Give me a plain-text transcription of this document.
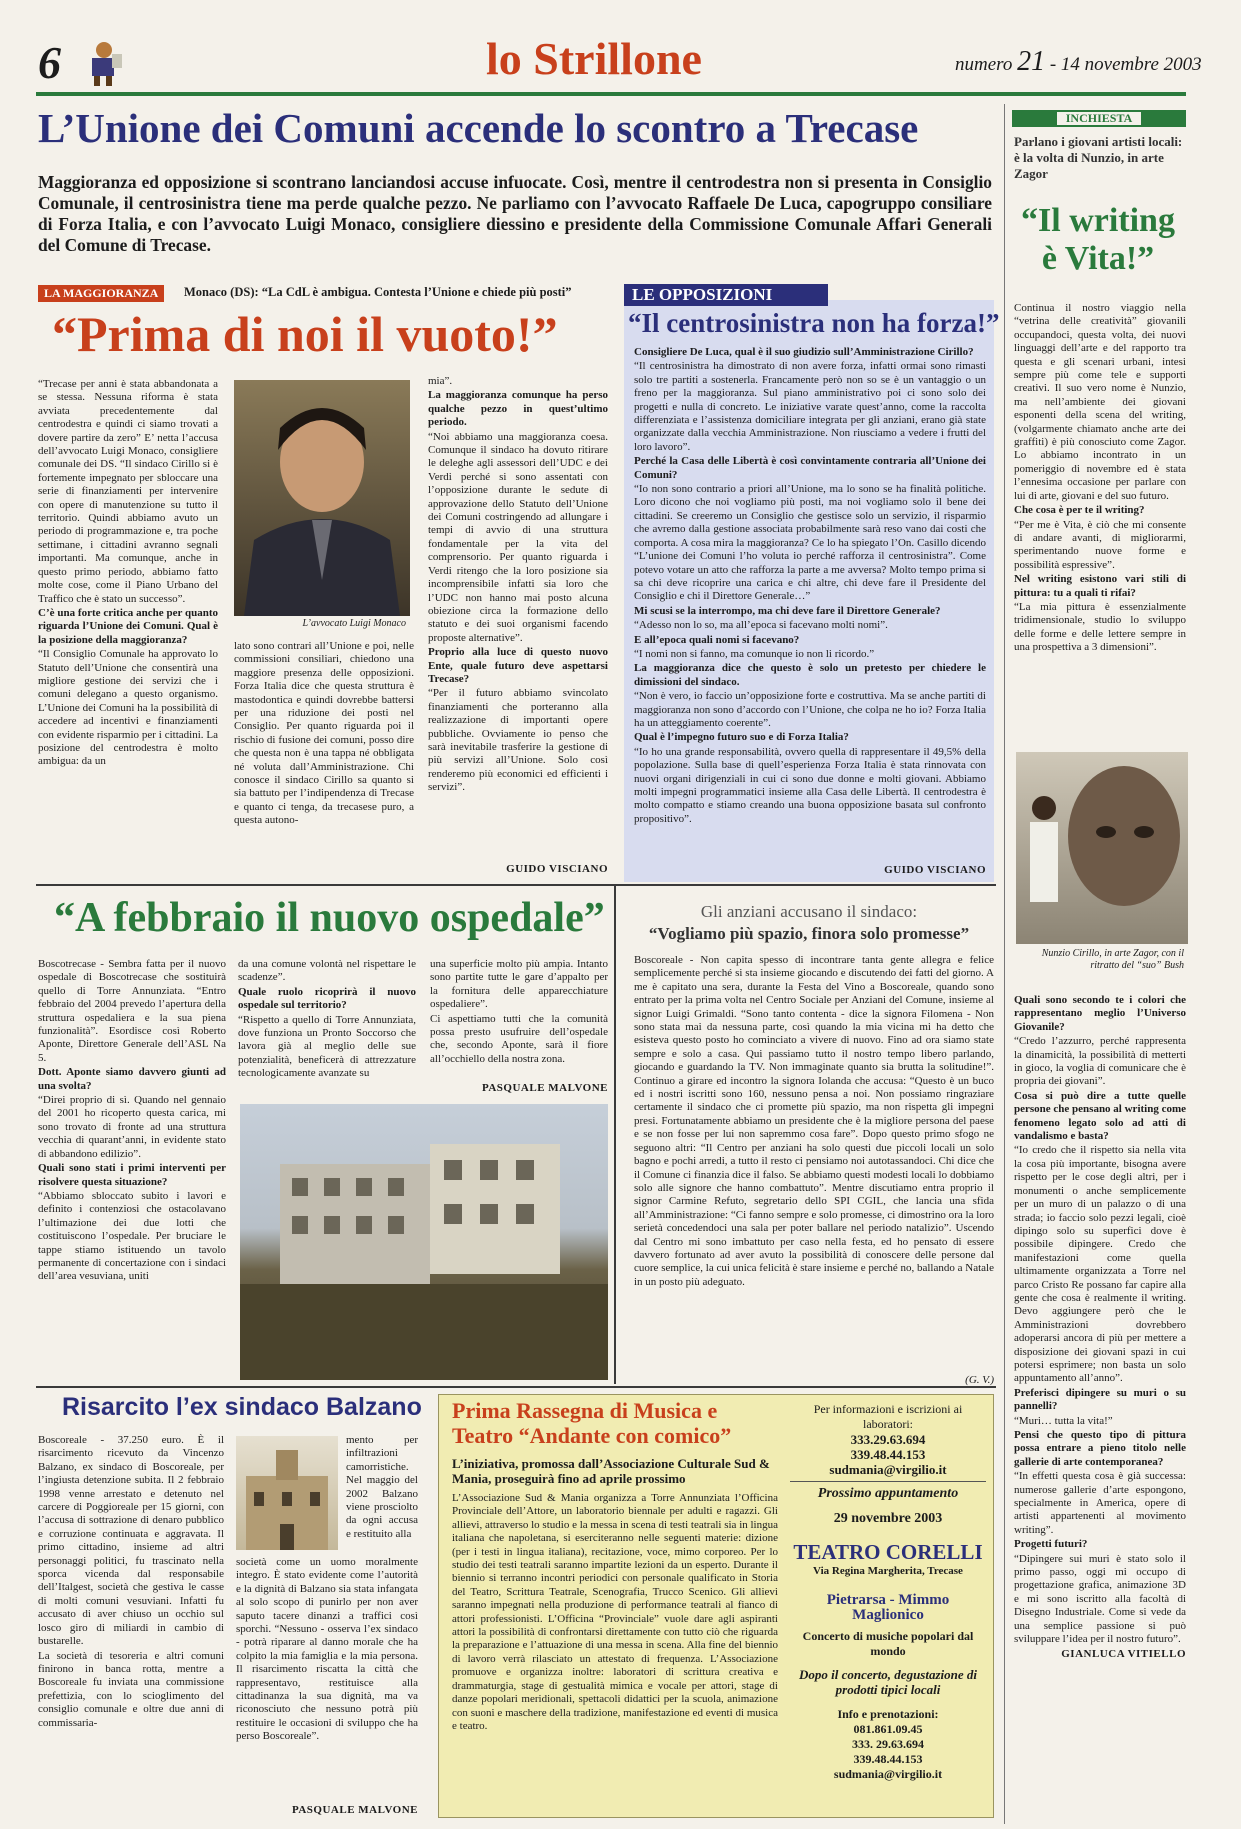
6	lo Strillone	numero 21 - 14 novembre 2003
L’Unione dei Comuni accende lo scontro a Trecase
Maggioranza ed opposizione si scontrano lanciandosi accuse infuocate. Così, mentre il centrodestra non si presenta in Consiglio Comunale, il centrosinistra tiene ma perde qualche pezzo. Ne parliamo con l’avvocato Raffaele De Luca, capogruppo consiliare di Forza Italia, e con l’avvocato Luigi Monaco, consigliere diessino e presidente della Commissione Comunale Affari Generali del Comune di Trecase.
LA MAGGIORANZA	Monaco (DS): “La CdL è ambigua. Contesta l’Unione e chiede più posti”
“Prima di noi il vuoto!”

“Trecase per anni è stata abbandonata a se stessa. Nessuna riforma è stata avviata precedentemente dal centrodestra e quindi ci siamo trovati a dovere partire da zero” E’ netta l’accusa dell’avvocato Luigi Monaco, consigliere comunale dei DS. “Il sindaco Cirillo si è fortemente impegnato per sbloccare una serie di finanziamenti per intervenire con opere di manutenzione su tutto il territorio. Quindi abbiamo avuto un periodo di programmazione e, tra poche settimane, i cittadini avranno segnali importanti. Ma comunque, anche in questo primo periodo, abbiamo fatto molte cose, come il Piano Urbano del Traffico che è stato un successo”.

C’è una forte critica anche per quanto riguarda l’Unione dei Comuni. Qual è la posizione della maggioranza?

“Il Consiglio Comunale ha approvato lo Statuto dell’Unione che consentirà una migliore gestione dei servizi che i comuni delegano a questo organismo. L’Unione dei Comuni ha la possibilità di accedere ad incentivi e finanziamenti con evidente risparmio per i cittadini. La posizione del centrodestra è molto ambigua: da un

L’avvocato Luigi Monaco

lato sono contrari all’Unione e poi, nelle commissioni consiliari, chiedono una maggiore presenza delle opposizioni. Forza Italia dice che questa struttura è mastodontica e quindi dovrebbe battersi per una riduzione dei posti nel Consiglio. Per quanto riguarda poi il rischio di fusione dei comuni, posso dire che questa non è una tappa né obbligata né voluta dall’Amministrazione. Chi conosce il sindaco Cirillo sa quanto si sia battuto per l’indipendenza di Trecase e quanto ci tenga, da trecasese puro, a questa autono-

mia”.

La maggioranza comunque ha perso qualche pezzo in quest’ultimo periodo.

“Noi abbiamo una maggioranza coesa. Comunque il sindaco ha dovuto ritirare le deleghe agli assessori dell’UDC e dei Verdi perché si sono assentati con l’opposizione durante le sedute di approvazione dello Statuto dell’Unione dei Comuni costringendo ad allungare i tempi di avvio di una struttura fondamentale per la vita del comprensorio. Per quanto riguarda i Verdi ritengo che la loro posizione sia incomprensibile infatti sia loro che l’UDC non hanno mai posto alcuna obiezione circa la formazione dello statuto e dei suoi organismi facendo proposte alternative”.

Proprio alla luce di questo nuovo Ente, quale futuro deve aspettarsi Trecase?

“Per il futuro abbiamo svincolato finanziamenti che porteranno alla realizzazione di importanti opere pubbliche. Ovviamente io penso che sarà inevitabile trasferire la gestione di più servizi all’Unione. Solo così renderemo più economici ed efficienti i servizi”.

GUIDO VISCIANO
LE OPPOSIZIONI
“Il centrosinistra non ha forza!”

Consigliere De Luca, qual è il suo giudizio sull’Amministrazione Cirillo?

“Il centrosinistra ha dimostrato di non avere forza, infatti ormai sono rimasti solo tre partiti a sostenerla. Francamente però non so se è un vantaggio o un freno per la maggioranza. Sul piano amministrativo poi ci sono solo dei progetti e nulla di concreto. Le iniziative varate quest’anno, come la raccolta differenziata e l’assistenza domiciliare integrata per gli anziani, erano già state organizzate dalla vecchia Amministrazione. Non riusciamo a vedere i frutti del loro lavoro”.

Perché la Casa delle Libertà è così convintamente contraria all’Unione dei Comuni?

“Io non sono contrario a priori all’Unione, ma lo sono se ha finalità politiche. Loro dicono che noi vogliamo più posti, ma noi vogliamo solo il bene dei cittadini. Se creeremo un Consiglio che gestisce solo un servizio, il risparmio che avremo dalla gestione associata probabilmente sarà reso vano dai costi che comporta. A cosa mira la maggioranza? Ce lo ha spiegato l’On. Casillo dicendo “L’unione dei Comuni l’ho voluta io perché rafforza il centrosinistra”. Come potevo votare un atto che rafforza la parte a me avversa? Molto tempo prima si sa chi deve ricoprire una carica e chi altre, chi deve fare il Presidente del Consiglio e chi il Direttore Generale…”

Mi scusi se la interrompo, ma chi deve fare il Direttore Generale?

“Adesso non lo so, ma all’epoca si facevano molti nomi”.

E all’epoca quali nomi si facevano?

“I nomi non si fanno, ma comunque io non li ricordo.”

La maggioranza dice che questo è solo un pretesto per chiedere le dimissioni del sindaco.

“Non è vero, io faccio un’opposizione forte e costruttiva. Ma se anche partiti di maggioranza non sono d’accordo con l’Unione, che colpa ne ho io? Forza Italia ha un atteggiamento coerente”.

Qual è l’impegno futuro suo e di Forza Italia?

“Io ho una grande responsabilità, ovvero quella di rappresentare il 49,5% della popolazione. Sulla base di quell’esperienza Forza Italia è stata rinnovata con nuovi organi dirigenziali in cui ci sono due donne e molti giovani. Abbiamo molti impegni programmatici insieme alla Casa delle Libertà. Il centrodestra è molto compatto e stiamo creando una buona opposizione basata sul confronto propositivo”.

GUIDO VISCIANO
“A febbraio il nuovo ospedale”

Boscotrecase - Sembra fatta per il nuovo ospedale di Boscotrecase che sostituirà quello di Torre Annunziata. “Entro febbraio del 2004 prevedo l’apertura della struttura ospedaliera e la sua piena funzionalità”. Esordisce così Roberto Aponte, Direttore Generale dell’ASL Na 5.

Dott. Aponte siamo davvero giunti ad una svolta?

“Direi proprio di sì. Quando nel gennaio del 2001 ho ricoperto questa carica, mi sono trovato di fronte ad una struttura vecchia di quarant’anni, in evidente stato di abbandono edilizio”.

Quali sono stati i primi interventi per risolvere questa situazione?

“Abbiamo sbloccato subito i lavori e definito i contenziosi che ostacolavano l’ultimazione dei due lotti che costituiscono l’ospedale. Per bruciare le tappe stiamo istituendo un tavolo permanente di concertazione con i sindaci dell’area vesuviana, uniti

da una comune volontà nel rispettare le scadenze”.

Quale ruolo ricoprirà il nuovo ospedale sul territorio?

“Rispetto a quello di Torre Annunziata, dove funziona un Pronto Soccorso che lavora già al meglio delle sue potenzialità, beneficerà di attrezzature tecnologicamente avanzate su

una superficie molto più ampia. Intanto sono partite tutte le gare d’appalto per la fornitura delle apparecchiature ospedaliere”.

Ci aspettiamo tutti che la comunità possa presto usufruire dell’ospedale che, secondo Aponte, sarà il fiore all’occhiello della nostra zona.

PASQUALE MALVONE
Gli anziani accusano il sindaco:
“Vogliamo più spazio, finora solo promesse”

Boscoreale - Non capita spesso di incontrare tanta gente allegra e felice semplicemente perché si sta insieme giocando e discutendo dei fatti del giorno. A me è capitato una sera, durante la Festa del Vino a Boscoreale, quando sono entrato per la prima volta nel Centro Sociale per Anziani del Comune, insieme al signor Luigi Grimaldi. “Sono tanto contenta - dice la signora Filomena - Non sono stata mai da nessuna parte, così quando la mia vicina mi ha detto che esisteva questo posto ho cominciato a vivere di nuovo. Fino ad ora siamo state sempre e solo a casa. Qui passiamo tutto il nostro tempo libero parlando, giocando e guardando la TV. Non immaginate quanto sia brutta la solitudine!”. Continuo a girare ed incontro la signora Iolanda che accusa: “Questo è un buco ed i nostri iscritti sono 160, nessuno pensa a noi. Non possiamo ringraziare certamente il sindaco che ci promette più spazio, ma non rispetta gli impegni presi. Fortunatamente abbiamo un presidente che è la migliore persona del paese e se non fosse per lui non sapremmo cosa fare”. Dopo questo primo sfogo ne seguono altri: “Il Centro per anziani ha solo questi due piccoli locali un solo bagno e pochi arredi, a tutto il resto ci pensiamo noi autotassandoci. Chi dice che il Comune ci finanzia dice il falso. Se abbiamo questi modesti locali lo dobbiamo solo alle signore che hanno combattuto”. Mentre discutiamo entra proprio il signor Carmine Refuto, segretario dello SPI CGIL, che lancia una sfida all’Amministrazione: “Ci fanno sempre e solo promesse, ci dimostrino ora la loro serietà concedendoci una sala per poter ballare nel periodo natalizio”. Uscendo dal Centro mi sono imbattuto per caso nella festa, ed ho pensato di essere davvero fortunato ad aver avuto la possibilità di conoscere delle persone dal cuore semplice, la cui unica felicità è stare insieme e perché no, ballando a Natale in un posto più adeguato.

(G. V.)
Risarcito l’ex sindaco Balzano

Boscoreale - 37.250 euro. È il risarcimento ricevuto da Vincenzo Balzano, ex sindaco di Boscoreale, per l’ingiusta detenzione subita. Il 2 febbraio 1998 venne arrestato e detenuto nel carcere di Poggioreale per 15 giorni, con l’accusa di sottrazione di denaro pubblico e corruzione continuata e aggravata. Il primo cittadino, insieme ad altri personaggi politici, fu trascinato nella sporca vicenda dal responsabile dell’Italgest, società che gestiva le casse di molti comuni vesuviani. Infatti fu accusato di aver chiuso un occhio sul losco giro di miliardi in cambio di bustarelle.

La società di tesoreria e altri comuni finirono in banca rotta, mentre a Boscoreale fu inviata una commissione prefettizia, con lo scioglimento del consiglio comunale e oltre due anni di commissaria-

mento per infiltrazioni camorristiche. Nel maggio del 2002 Balzano viene prosciolto da ogni accusa e restituito alla

società come un uomo moralmente integro. È stato evidente come l’autorità e la dignità di Balzano sia stata infangata al solo scopo di punirlo per non aver saputo tacere dinanzi a traffici così sporchi. “Nessuno - osserva l’ex sindaco - potrà riparare al danno morale che ha colpito la mia famiglia e la mia persona. Il risarcimento riscatta la città che rappresentavo, restituisce alla cittadinanza la sua dignità, ma va riconosciuto che nessuno potrà più restituire le occasioni di sviluppo che ha perso Boscoreale”.

PASQUALE MALVONE
Prima Rassegna di Musica e Teatro “Andante con comico”
L’iniziativa, promossa dall’Associazione Culturale Sud & Mania, proseguirà fino ad aprile prossimo

L’Associazione Sud & Mania organizza a Torre Annunziata l’Officina Provinciale dell’Attore, un laboratorio biennale per adulti e ragazzi. Gli allievi, attraverso lo studio e la messa in scena di testi teatrali sia in lingua italiana che napoletana, si eserciteranno nelle seguenti materie: dizione (per i testi in lingua italiana), recitazione, voce, mimo corporeo. Per lo studio dei testi teatrali saranno impartite lezioni da un esperto. Durante il biennio si terranno incontri periodici con personale qualificato in Storia del Teatro, Scrittura Teatrale, Scenografia, Trucco Scenico. Gli allievi saranno impegnati nella produzione di performance teatrali al fianco di attori professionisti. L’Officina “Provinciale” vuole dare agli aspiranti attori la possibilità di confrontarsi direttamente con tutto ciò che riguarda la preparazione e l’attuazione di una messa in scena. Alla fine del biennio di lavoro verrà rilasciato un attestato di frequenza. L’Associazione promuove e organizza inoltre: laboratori di scrittura creativa e drammaturgia, stage di gestualità mimica e vocale per attori, stage di danze popolari meridionali, spettacoli didattici per la scuola, animazione con suoni e maschere della tradizione, manifestazione ed eventi di musica e teatro.

Per informazioni e iscrizioni ai laboratori:
333.29.63.694
339.48.44.153
sudmania@virgilio.it
Prossimo appuntamento
29 novembre 2003
TEATRO CORELLI
Via Regina Margherita, Trecase
Pietrarsa - Mimmo Maglionico
Concerto di musiche popolari dal mondo
Dopo il concerto, degustazione di prodotti tipici locali
Info e prenotazioni:
081.861.09.45
333. 29.63.694
339.48.44.153
sudmania@virgilio.it
INCHIESTA
Parlano i giovani artisti locali: è la volta di Nunzio, in arte Zagor
“Il writing è Vita!”

Continua il nostro viaggio nella “vetrina delle creatività” giovanili occupandoci, questa volta, dei nuovi linguaggi dell’arte e del rapporto tra questa e gli scenari urbani, intesi sempre più come tele e supporti creativi. Il suo vero nome è Nunzio, ma nell’ambiente dei giovani esponenti della scena del writing, (volgarmente chiamato anche arte dei graffiti) è più conosciuto come Zagor. Lo abbiamo incontrato in un pomeriggio di novembre ed è stata l’ennesima occasione per parlare con lui di arte, giovani e del suo futuro.

Che cosa è per te il writing?

“Per me è Vita, è ciò che mi consente di andare avanti, di migliorarmi, sperimentando nuove forme e possibilità espressive”.

Nel writing esistono vari stili di pittura: tu a quali ti rifai?

“La mia pittura è essenzialmente tridimensionale, studio lo sviluppo delle forme e delle lettere sempre in una prospettiva a 3 dimensioni”.

Nunzio Cirillo, in arte Zagor, con il ritratto del “suo” Bush

Quali sono secondo te i colori che rappresentano meglio l’Universo Giovanile?

“Credo l’azzurro, perché rappresenta la dinamicità, la possibilità di metterti in gioco, la voglia di comunicare che è propria dei giovani”.

Cosa si può dire a tutte quelle persone che pensano al writing come fenomeno legato solo ad atti di vandalismo e basta?

“Io credo che il rispetto sia nella vita la cosa più importante, bisogna avere rispetto per le cose degli altri, per i monumenti o anche semplicemente per un muro di un palazzo o di una strada; io faccio solo pezzi legali, cioè dipingo solo su superfici dove è possibile dipingere. Credo che manifestazioni come quella ultimamente organizzata a Torre nel parco Cristo Re possano far capire alla gente che cosa è realmente il writing. Devo aggiungere però che le Amministrazioni dovrebbero adoperarsi ancora di più per mettere a disposizione dei giovani spazi in cui potersi esprimere; non basta un solo appuntamento all’anno”.

Preferisci dipingere su muri o su pannelli?

“Muri… tutta la vita!”

Pensi che questo tipo di pittura possa entrare a pieno titolo nelle gallerie di arte contemporanea?

“In effetti questa cosa è già successa: numerose gallerie d’arte espongono, specialmente in America, opere di artisti appartenenti al movimento writing”.

Progetti futuri?

“Dipingere sui muri è stato solo il primo passo, oggi mi occupo di progettazione grafica, animazione 3D e mi sono iscritto alla facoltà di Disegno Industriale. Come si vede da una semplice passione si può sviluppare l’idea per il nostro futuro”.

GIANLUCA VITIELLO
